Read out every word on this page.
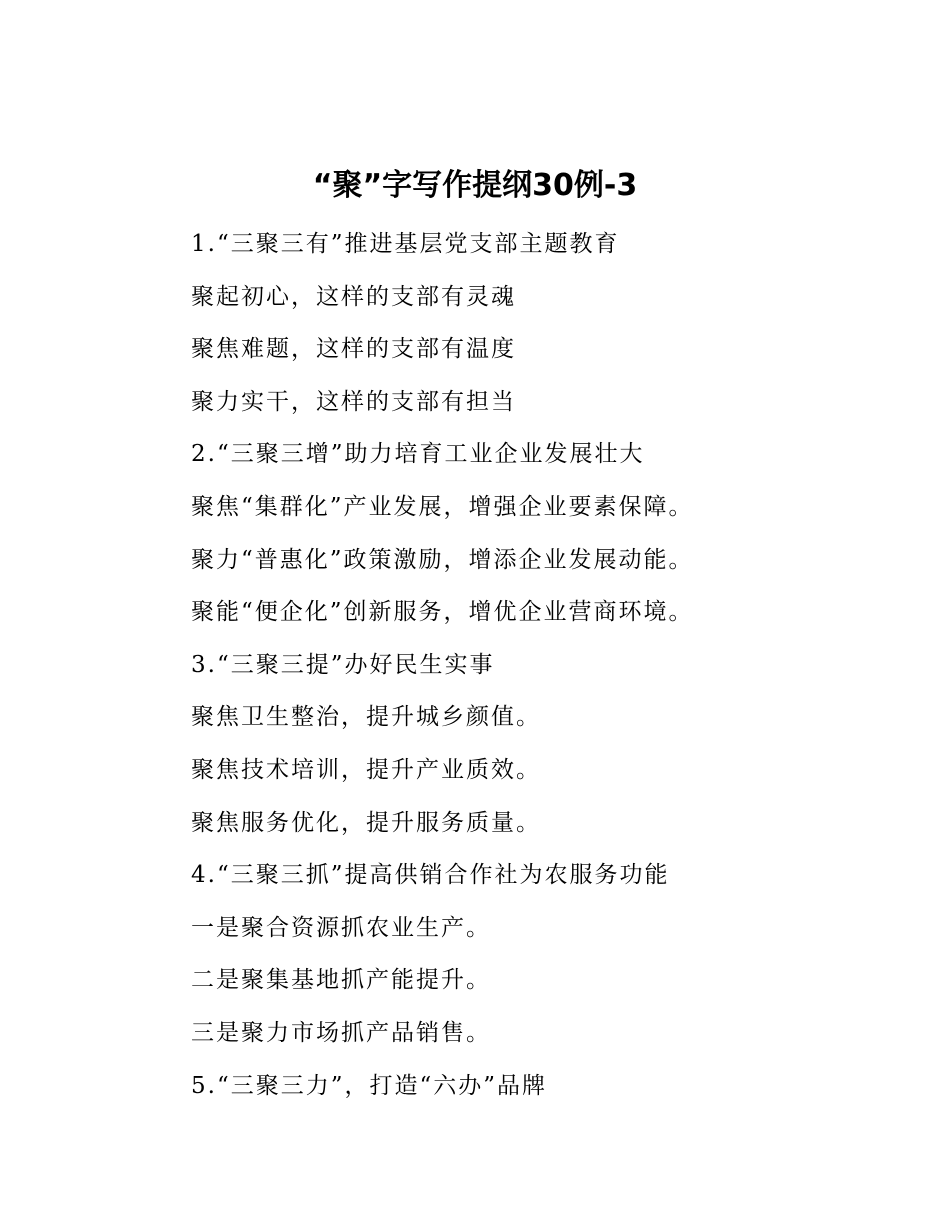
“聚”字写作提纲30例-3
1.“三聚三有”推进基层党支部主题教育
聚起初心，这样的支部有灵魂
聚焦难题，这样的支部有温度
聚力实干，这样的支部有担当
2.“三聚三增”助力培育工业企业发展壮大
聚焦“集群化”产业发展，增强企业要素保障。
聚力“普惠化”政策激励，增添企业发展动能。
聚能“便企化”创新服务，增优企业营商环境。
3.“三聚三提”办好民生实事
聚焦卫生整治，提升城乡颜值。
聚焦技术培训，提升产业质效。
聚焦服务优化，提升服务质量。
4.“三聚三抓”提高供销合作社为农服务功能
一是聚合资源抓农业生产。
二是聚集基地抓产能提升。
三是聚力市场抓产品销售。
5.“三聚三力”，打造“六办”品牌
